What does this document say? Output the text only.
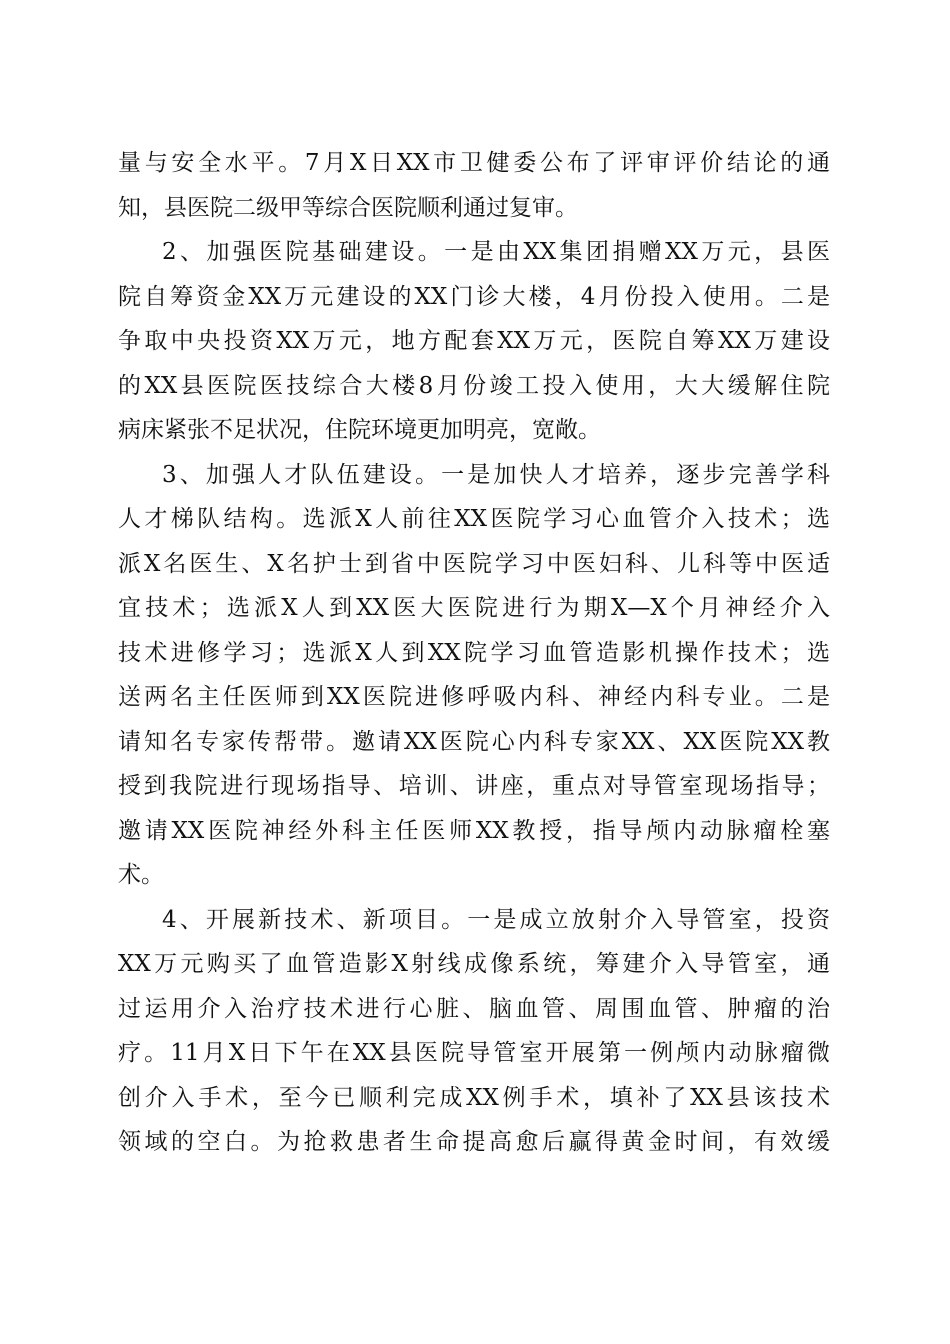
量与安全水平。7月X日XX市卫健委公布了评审评价结论的通
知，县医院二级甲等综合医院顺利通过复审。
2、加强医院基础建设。一是由XX集团捐赠XX万元，县医
院自筹资金XX万元建设的XX门诊大楼，4月份投入使用。二是
争取中央投资XX万元，地方配套XX万元，医院自筹XX万建设
的XX县医院医技综合大楼8月份竣工投入使用，大大缓解住院
病床紧张不足状况，住院环境更加明亮，宽敞。
3、加强人才队伍建设。一是加快人才培养，逐步完善学科
人才梯队结构。选派X人前往XX医院学习心血管介入技术；选
派X名医生、X名护士到省中医院学习中医妇科、儿科等中医适
宜技术；选派X人到XX医大医院进行为期X—X个月神经介入
技术进修学习；选派X人到XX院学习血管造影机操作技术；选
送两名主任医师到XX医院进修呼吸内科、神经内科专业。二是
请知名专家传帮带。邀请XX医院心内科专家XX、XX医院XX教
授到我院进行现场指导、培训、讲座，重点对导管室现场指导；
邀请XX医院神经外科主任医师XX教授，指导颅内动脉瘤栓塞
术。
4、开展新技术、新项目。一是成立放射介入导管室，投资
XX万元购买了血管造影X射线成像系统，筹建介入导管室，通
过运用介入治疗技术进行心脏、脑血管、周围血管、肿瘤的治
疗。11月X日下午在XX县医院导管室开展第一例颅内动脉瘤微
创介入手术，至今已顺利完成XX例手术，填补了XX县该技术
领域的空白。为抢救患者生命提高愈后赢得黄金时间，有效缓
